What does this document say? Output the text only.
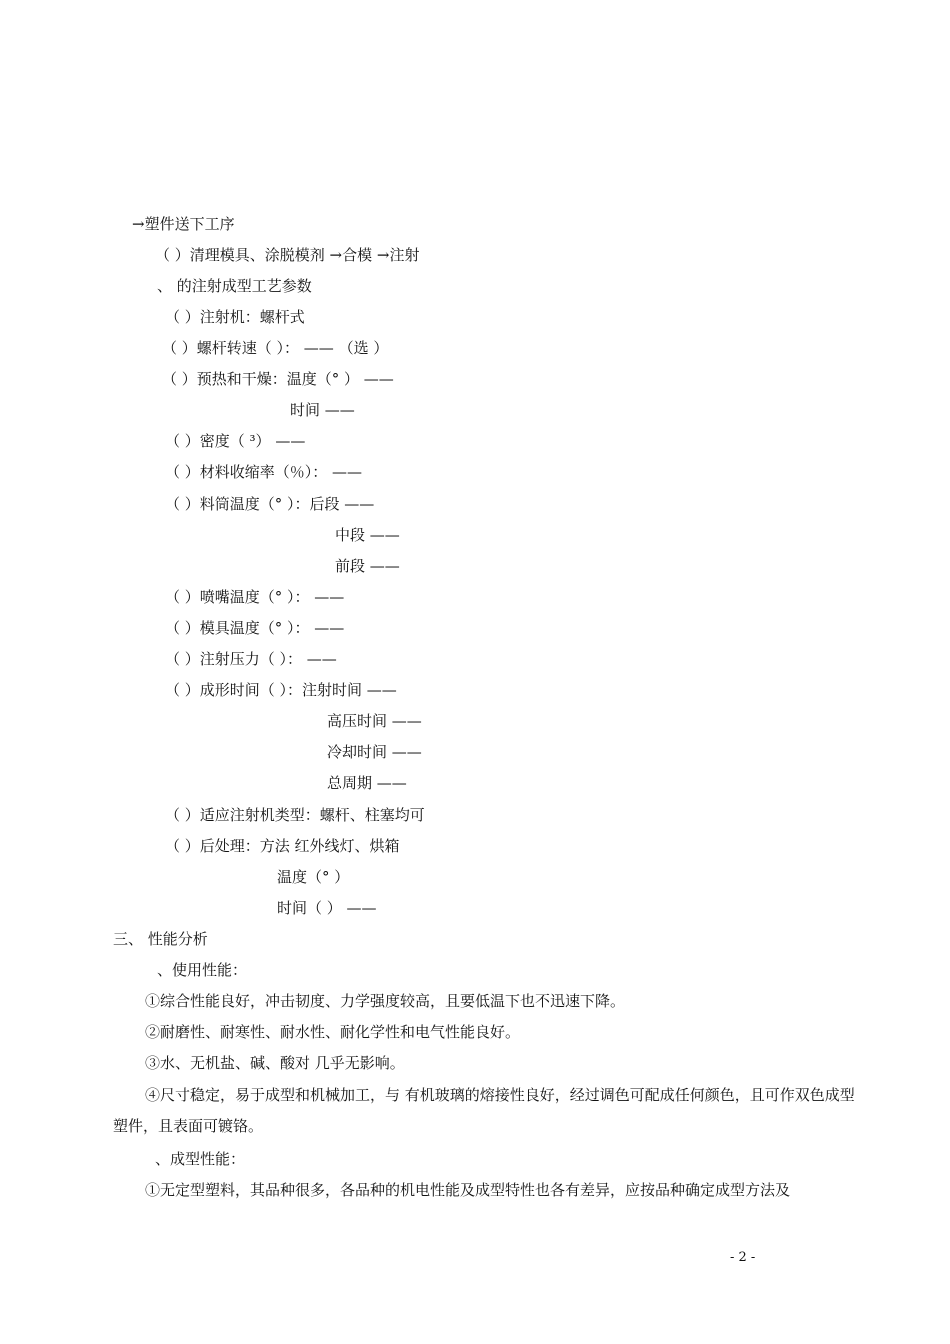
→塑件送下工序
（ ）清理模具、涂脱模剂 →合模 →注射
、 的注射成型工艺参数
（ ）注射机：螺杆式
（ ）螺杆转速（ ）： —— （选 ）
（ ）预热和干燥：温度（° ） ——
时间 ——
（ ）密度（ ³） ——
（ ）材料收缩率（％）： ——
（ ）料筒温度（° ）：后段 ——
中段 ——
前段 ——
（ ）喷嘴温度（° ）： ——
（ ）模具温度（° ）： ——
（ ）注射压力（ ）： ——
（ ）成形时间（ ）：注射时间 ——
高压时间 ——
冷却时间 ——
总周期 ——
（ ）适应注射机类型：螺杆、柱塞均可
（ ）后处理：方法 红外线灯、烘箱
温度（° ）
时间（ ） ——
三、 性能分析
、使用性能：
①综合性能良好，冲击韧度、力学强度较高，且要低温下也不迅速下降。
②耐磨性、耐寒性、耐水性、耐化学性和电气性能良好。
③水、无机盐、碱、酸对 几乎无影响。
④尺寸稳定，易于成型和机械加工，与 有机玻璃的熔接性良好，经过调色可配成任何颜色，且可作双色成型塑件，且表面可镀铬。
、成型性能：
①无定型塑料，其品种很多，各品种的机电性能及成型特性也各有差异，应按品种确定成型方法及
- 2 -
